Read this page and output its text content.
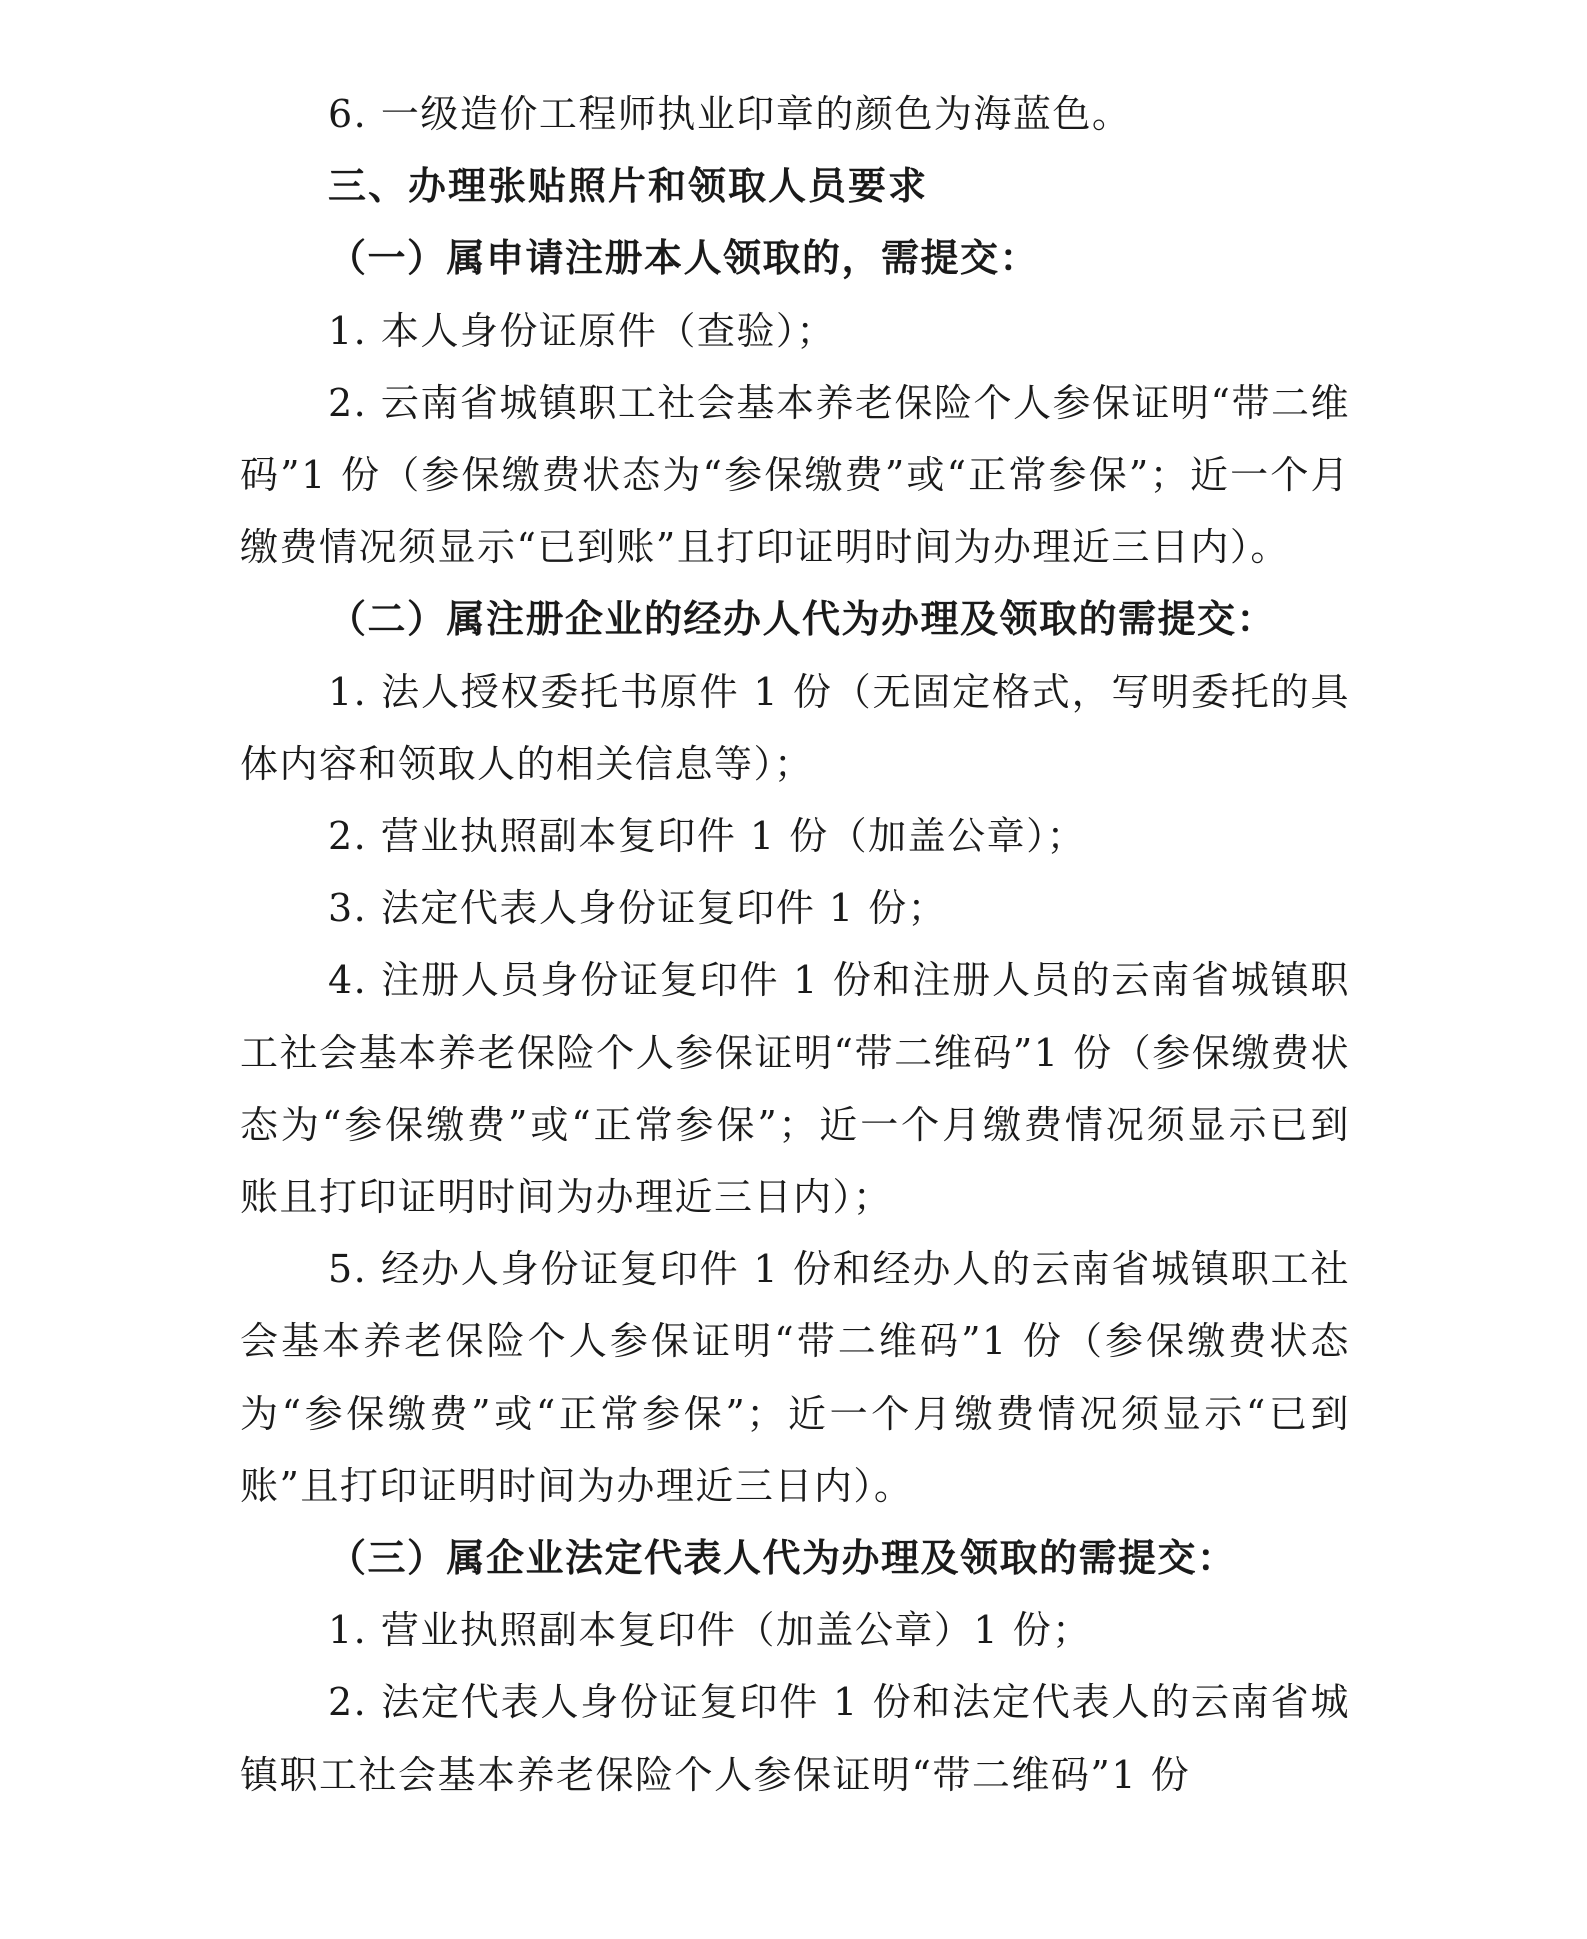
6. 一级造价工程师执业印章的颜色为海蓝色。

三、办理张贴照片和领取人员要求

（一）属申请注册本人领取的，需提交：

1. 本人身份证原件（查验）；

2. 云南省城镇职工社会基本养老保险个人参保证明“带二维码”1 份（参保缴费状态为“参保缴费”或“正常参保”；近一个月缴费情况须显示“已到账”且打印证明时间为办理近三日内）。

（二）属注册企业的经办人代为办理及领取的需提交：

1. 法人授权委托书原件 1 份（无固定格式，写明委托的具体内容和领取人的相关信息等）；

2. 营业执照副本复印件 1 份（加盖公章）；

3. 法定代表人身份证复印件 1 份；

4. 注册人员身份证复印件 1 份和注册人员的云南省城镇职工社会基本养老保险个人参保证明“带二维码”1 份（参保缴费状态为“参保缴费”或“正常参保”；近一个月缴费情况须显示已到账且打印证明时间为办理近三日内）；

5. 经办人身份证复印件 1 份和经办人的云南省城镇职工社会基本养老保险个人参保证明“带二维码”1 份（参保缴费状态为“参保缴费”或“正常参保”；近一个月缴费情况须显示“已到账”且打印证明时间为办理近三日内）。

（三）属企业法定代表人代为办理及领取的需提交：

1. 营业执照副本复印件（加盖公章）1 份；

2. 法定代表人身份证复印件 1 份和法定代表人的云南省城镇职工社会基本养老保险个人参保证明“带二维码”1 份
